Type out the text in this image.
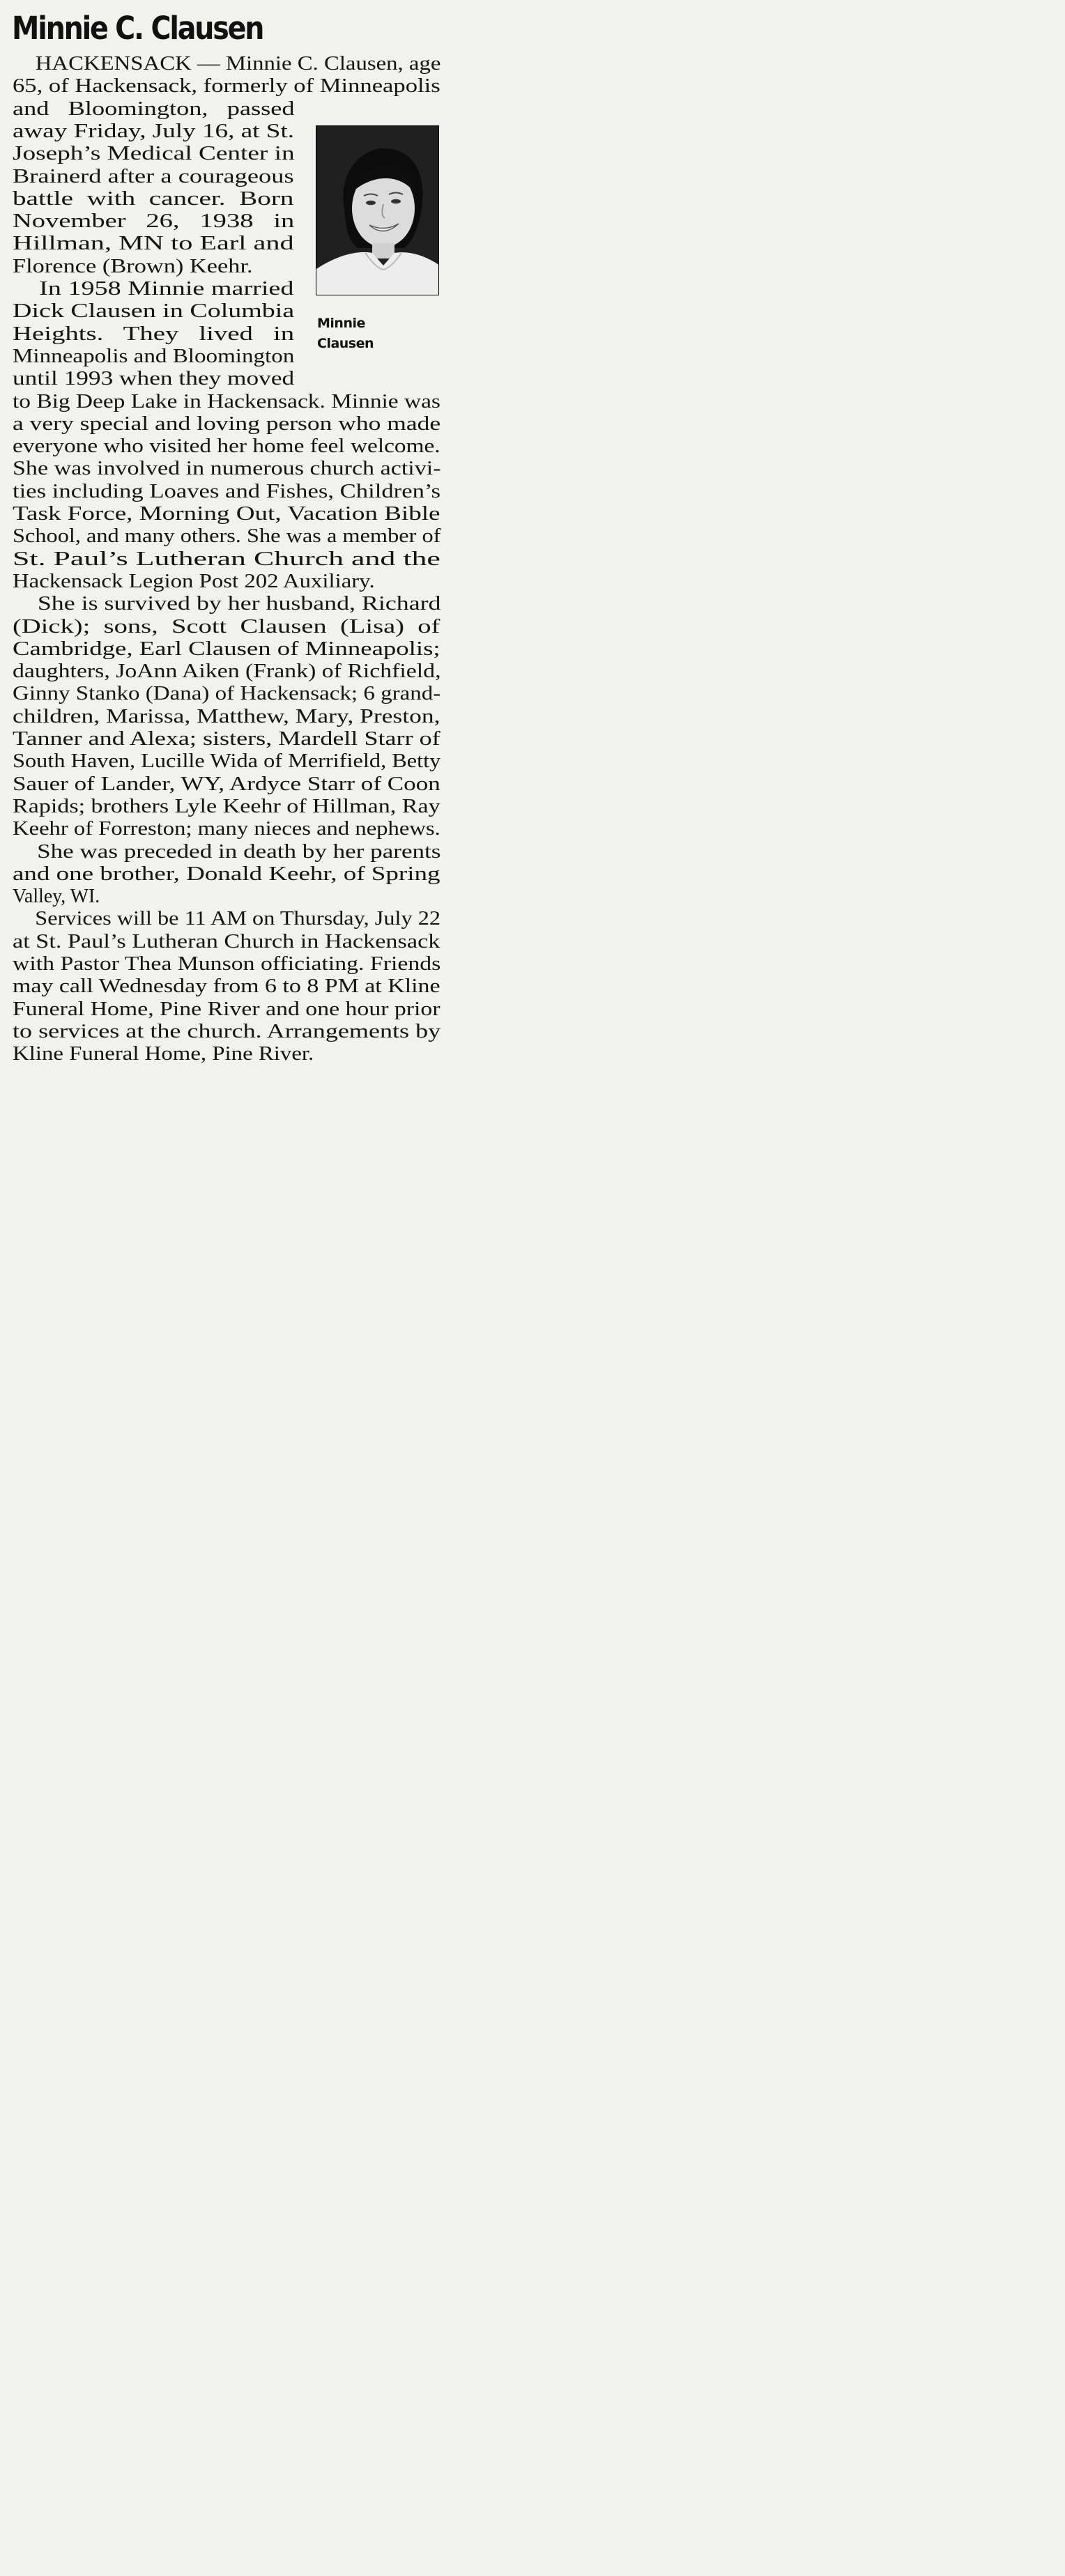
Minnie C. Clausen
Minnie
Clausen
HACKENSACK — Minnie C. Clausen, age
65, of Hackensack, formerly of Minneapolis
and   Bloomington,   passed
away Friday, July 16, at St.
Joseph’s Medical Center in
Brainerd after a courageous
battle  with  cancer.  Born
November   26,   1938   in
Hillman, MN to Earl and
Florence (Brown) Keehr.
In 1958 Minnie married
Dick Clausen in Columbia
Heights.   They   lived   in
Minneapolis and Bloomington
until 1993 when they moved
to Big Deep Lake in Hackensack. Minnie was
a very special and loving person who made
everyone who visited her home feel welcome.
She was involved in numerous church activi-
ties including Loaves and Fishes, Children’s
Task Force, Morning Out, Vacation Bible
School, and many others. She was a member of
St. Paul’s Lutheran Church and the
Hackensack Legion Post 202 Auxiliary.
She is survived by her husband, Richard
(Dick);  sons,  Scott  Clausen  (Lisa)  of
Cambridge, Earl Clausen of Minneapolis;
daughters, JoAnn Aiken (Frank) of Richfield,
Ginny Stanko (Dana) of Hackensack; 6 grand-
children, Marissa, Matthew, Mary, Preston,
Tanner and Alexa; sisters, Mardell Starr of
South Haven, Lucille Wida of Merrifield, Betty
Sauer of Lander, WY, Ardyce Starr of Coon
Rapids; brothers Lyle Keehr of Hillman, Ray
Keehr of Forreston; many nieces and nephews.
She was preceded in death by her parents
and one brother, Donald Keehr, of Spring
Valley, WI.
Services will be 11 AM on Thursday, July 22
at St. Paul’s Lutheran Church in Hackensack
with Pastor Thea Munson officiating. Friends
may call Wednesday from 6 to 8 PM at Kline
Funeral Home, Pine River and one hour prior
to services at the church. Arrangements by
Kline Funeral Home, Pine River.
